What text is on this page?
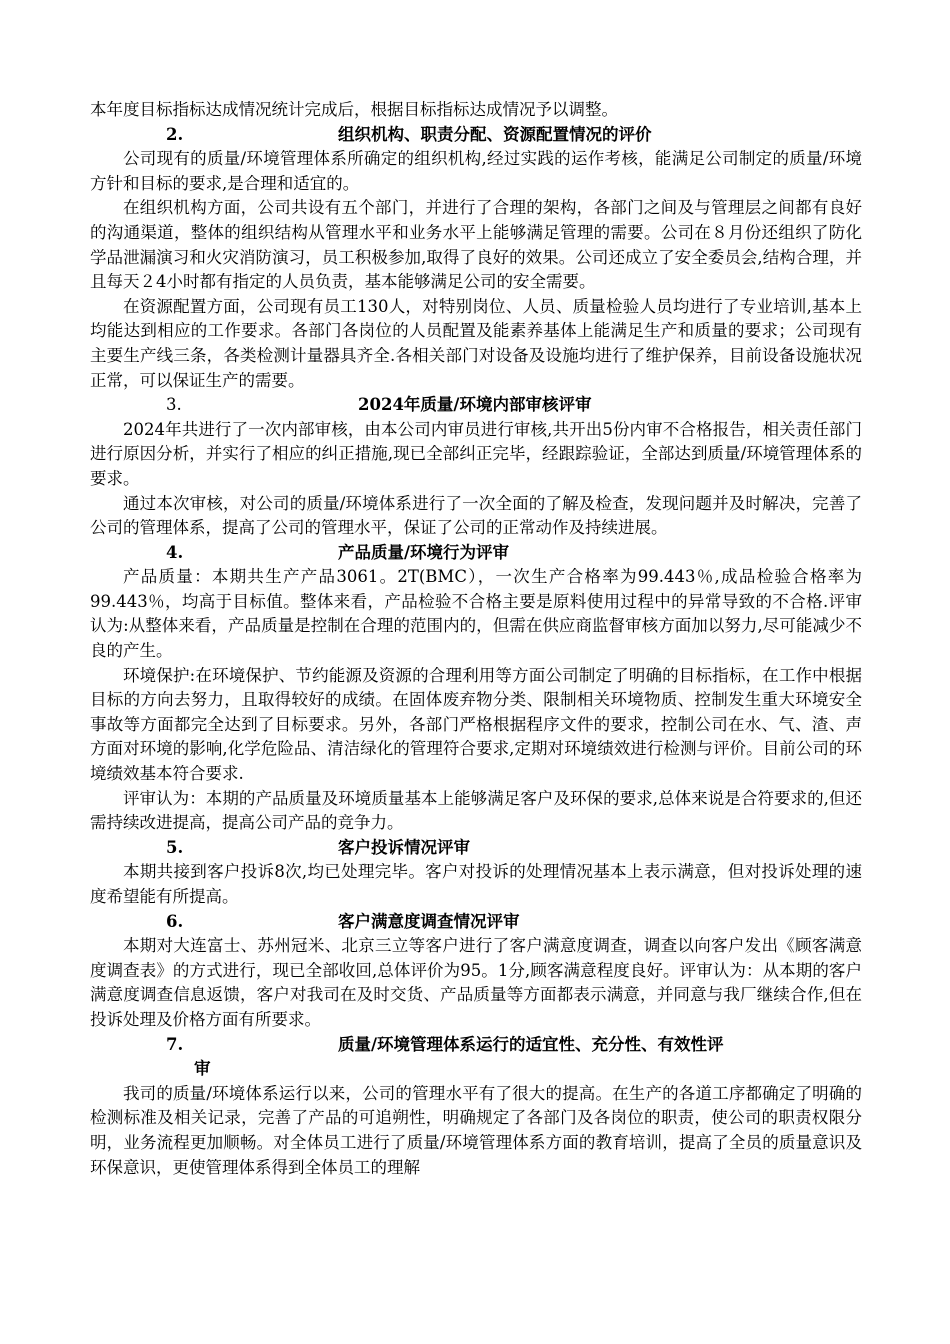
本年度目标指标达成情况统计完成后，根据目标指标达成情况予以调整。

2.	组织机构、职责分配、资源配置情况的评价

公司现有的质量/环境管理体系所确定的组织机构,经过实践的运作考核，能满足公司制定的质量/环境方针和目标的要求,是合理和适宜的。

在组织机构方面，公司共设有五个部门，并进行了合理的架构，各部门之间及与管理层之间都有良好的沟通渠道，整体的组织结构从管理水平和业务水平上能够满足管理的需要。公司在８月份还组织了防化学品泄漏演习和火灾消防演习，员工积极参加,取得了良好的效果。公司还成立了安全委员会,结构合理，并且每天２4小时都有指定的人员负责，基本能够满足公司的安全需要。

在资源配置方面，公司现有员工130人，对特别岗位、人员、质量检验人员均进行了专业培训,基本上均能达到相应的工作要求。各部门各岗位的人员配置及能素养基体上能满足生产和质量的要求；公司现有主要生产线三条，各类检测计量器具齐全.各相关部门对设备及设施均进行了维护保养，目前设备设施状况正常，可以保证生产的需要。

3.	2024年质量/环境内部审核评审

2024年共进行了一次内部审核，由本公司内审员进行审核,共开出5份内审不合格报告，相关责任部门进行原因分析，并实行了相应的纠正措施,现已全部纠正完毕，经跟踪验证，全部达到质量/环境管理体系的要求。

通过本次审核，对公司的质量/环境体系进行了一次全面的了解及检查，发现问题并及时解决，完善了公司的管理体系，提高了公司的管理水平，保证了公司的正常动作及持续进展。

4.	产品质量/环境行为评审

产品质量：本期共生产产品3061。2T(BMC），一次生产合格率为99.443％,成品检验合格率为99.443％，均高于目标值。整体来看，产品检验不合格主要是原料使用过程中的异常导致的不合格.评审认为:从整体来看，产品质量是控制在合理的范围内的，但需在供应商监督审核方面加以努力,尽可能减少不良的产生。

环境保护:在环境保护、节约能源及资源的合理利用等方面公司制定了明确的目标指标，在工作中根据目标的方向去努力，且取得较好的成绩。在固体废弃物分类、限制相关环境物质、控制发生重大环境安全事故等方面都完全达到了目标要求。另外，各部门严格根据程序文件的要求，控制公司在水、气、渣、声方面对环境的影响,化学危险品、清洁绿化的管理符合要求,定期对环境绩效进行检测与评价。目前公司的环境绩效基本符合要求.

评审认为：本期的产品质量及环境质量基本上能够满足客户及环保的要求,总体来说是合符要求的,但还需持续改进提高，提高公司产品的竞争力。

5.	客户投诉情况评审

本期共接到客户投诉8次,均已处理完毕。客户对投诉的处理情况基本上表示满意，但对投诉处理的速度希望能有所提高。

6.	客户满意度调查情况评审

本期对大连富士、苏州冠米、北京三立等客户进行了客户满意度调查，调查以向客户发出《顾客满意度调查表》的方式进行，现已全部收回,总体评价为95。1分,顾客满意程度良好。评审认为：从本期的客户满意度调查信息返馈，客户对我司在及时交货、产品质量等方面都表示满意，并同意与我厂继续合作,但在投诉处理及价格方面有所要求。

7.	质量/环境管理体系运行的适宜性、充分性、有效性评
审

我司的质量/环境体系运行以来，公司的管理水平有了很大的提高。在生产的各道工序都确定了明确的检测标准及相关记录，完善了产品的可追朔性，明确规定了各部门及各岗位的职责，使公司的职责权限分明，业务流程更加顺畅。对全体员工进行了质量/环境管理体系方面的教育培训，提高了全员的质量意识及环保意识，更使管理体系得到全体员工的理解
